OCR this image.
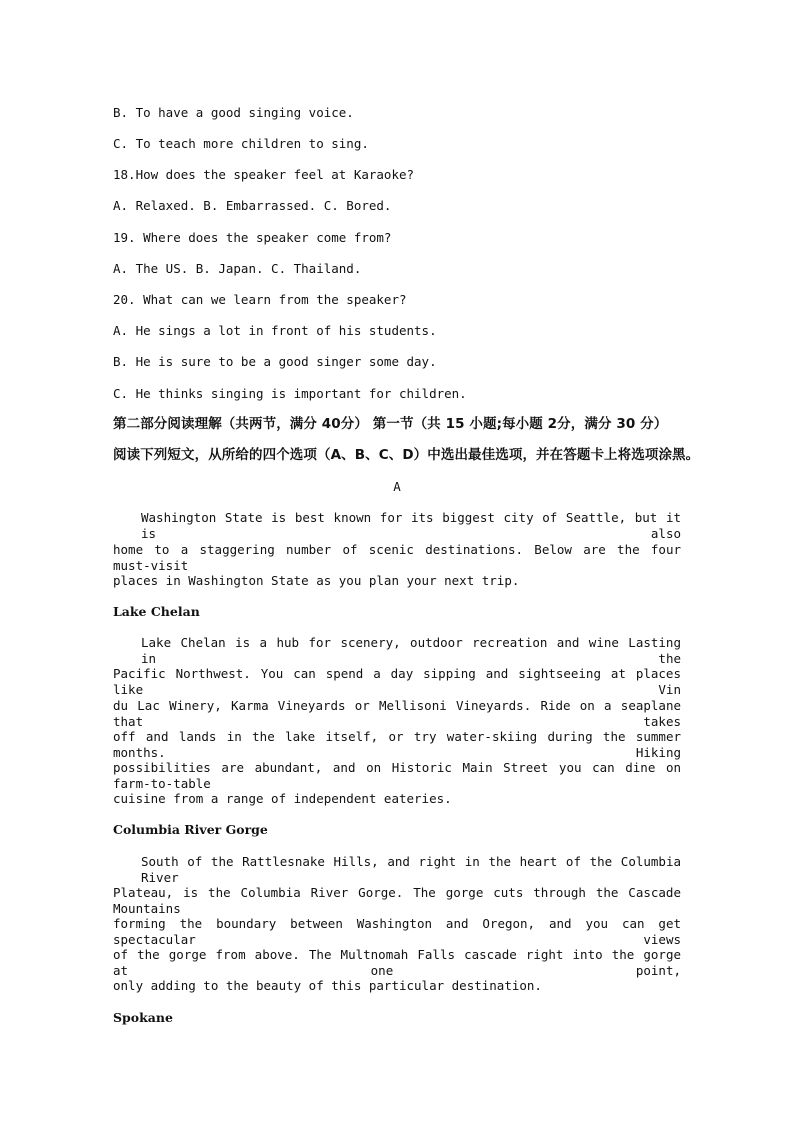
B. To have a good singing voice.
C. To teach more children to sing.
18.How does the speaker feel at Karaoke?
A. Relaxed. B. Embarrassed. C. Bored.
19. Where does the speaker come from?
A. The US. B. Japan. C. Thailand.
20. What can we learn from the speaker?
A. He sings a lot in front of his students.
B. He is sure to be a good singer some day.
C. He thinks singing is important for children.
第二部分阅读理解（共两节，满分 40分） 第一节（共 15 小题;每小题 2分，满分 30 分）
阅读下列短文，从所给的四个选项（A、B、C、D）中选出最佳选项，并在答题卡上将选项涂黑。
A
Washington State is best known for its biggest city of Seattle, but it is also
home to a staggering number of scenic destinations. Below are the four must-visit
places in Washington State as you plan your next trip.
Lake Chelan
Lake Chelan is a hub for scenery, outdoor recreation and wine Lasting in the
Pacific Northwest. You can spend a day sipping and sightseeing at places like Vin
du Lac Winery, Karma Vineyards or Mellisoni Vineyards. Ride on a seaplane that takes
off and lands in the lake itself, or try water-skiing during the summer months. Hiking
possibilities are abundant, and on Historic Main Street you can dine on farm-to-table
cuisine from a range of independent eateries.
Columbia River Gorge
South of the Rattlesnake Hills, and right in the heart of the Columbia River
Plateau, is the Columbia River Gorge. The gorge cuts through the Cascade Mountains
forming the boundary between Washington and Oregon, and you can get spectacular views
of the gorge from above. The Multnomah Falls cascade right into the gorge at one point,
only adding to the beauty of this particular destination.
Spokane
